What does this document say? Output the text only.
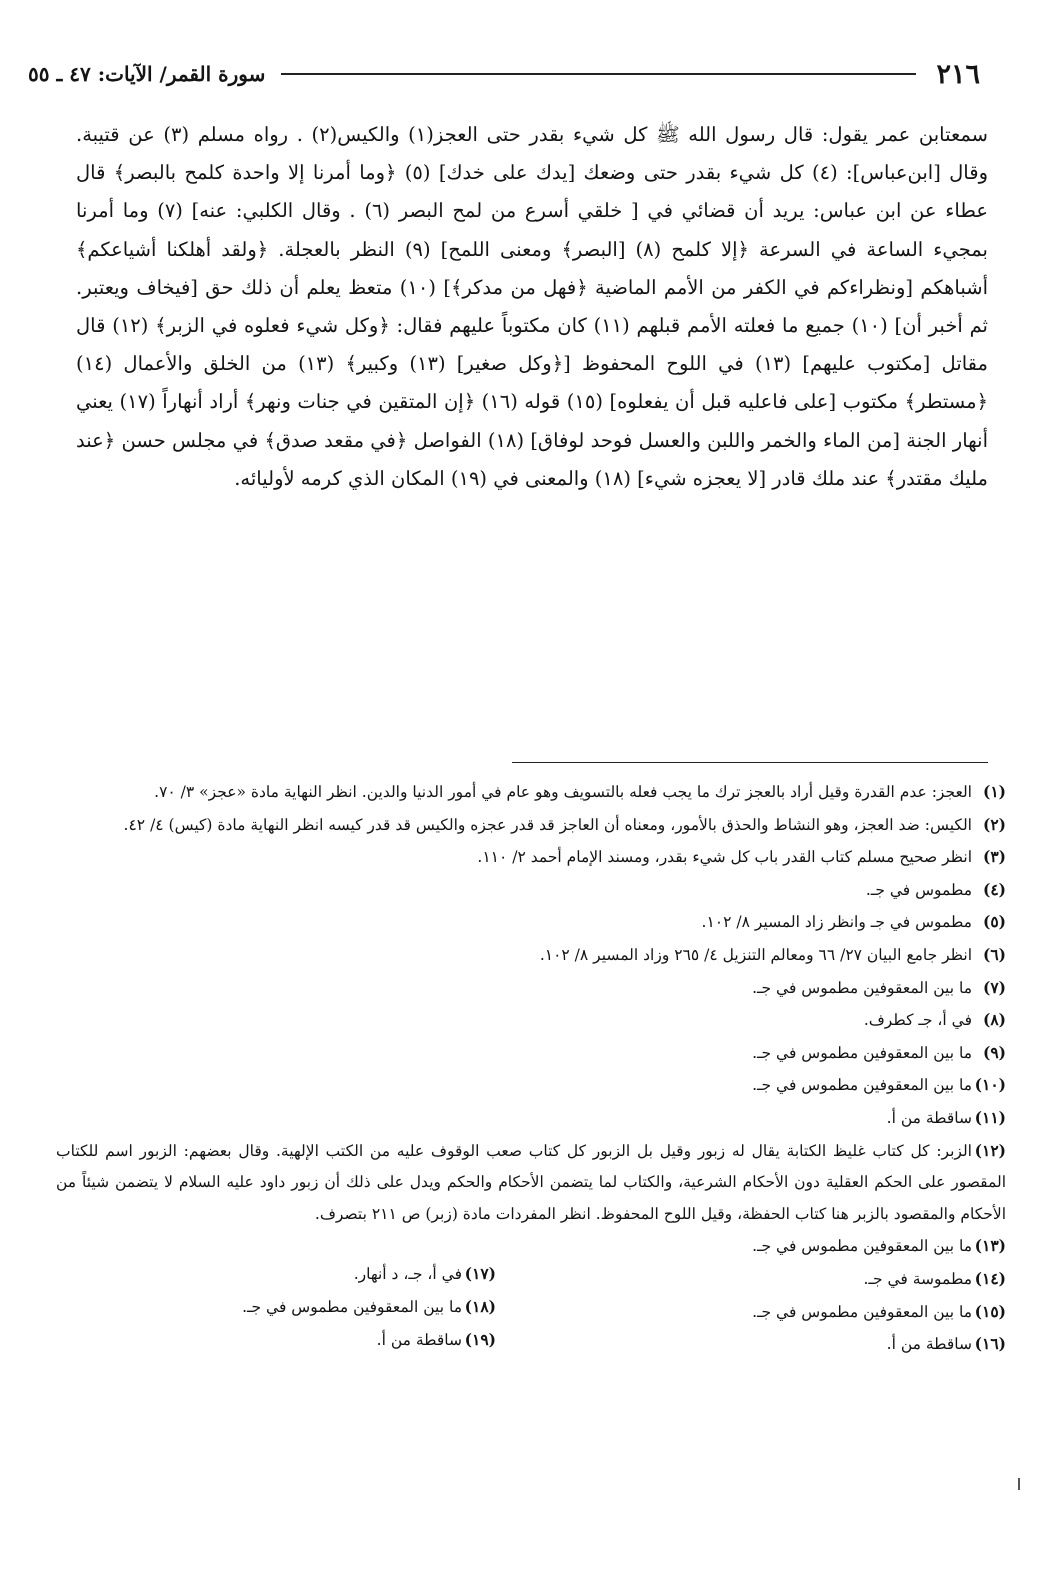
٢١٦
سورة القمر/ الآيات: ٤٧ ـ ٥٥

سمعتابن عمر يقول: قال رسول الله ﷺ كل شيء بقدر حتى العجز(١) والكيس(٢) . رواه مسلم (٣) عن قتيبة. وقال [ابن‌عباس]: (٤) كل شيء بقدر حتى وضعك [يدك على خدك] (٥) ﴿وما أمرنا إلا واحدة كلمح بالبصر﴾ قال عطاء عن ابن عباس: يريد أن قضائي في [ خلقي أسرع من لمح البصر (٦) . وقال الكلبي: عنه] (٧) وما أمرنا بمجيء الساعة في السرعة ﴿إلا كلمح (٨) [البصر﴾ ومعنى اللمح] (٩) النظر بالعجلة. ﴿ولقد أهلكنا أشياعكم﴾ أشباهكم [ونظراءكم في الكفر من الأمم الماضية ﴿فهل من مدكر﴾] (١٠) متعظ يعلم أن ذلك حق [فيخاف ويعتبر. ثم أخبر أن] (١٠) جميع ما فعلته الأمم قبلهم (١١) كان مكتوباً عليهم فقال: ﴿وكل شيء فعلوه في الزبر﴾ (١٢) قال مقاتل [مكتوب عليهم] (١٣) في اللوح المحفوظ [﴿وكل صغير] (١٣) وكبير﴾ (١٣) من الخلق والأعمال (١٤) ﴿مستطر﴾ مكتوب [على فاعليه قبل أن يفعلوه] (١٥) قوله (١٦) ﴿إن المتقين في جنات ونهر﴾ أراد أنهاراً (١٧) يعني أنهار الجنة [من الماء والخمر واللبن والعسل فوحد لوفاق] (١٨) الفواصل ﴿في مقعد صدق﴾ في مجلس حسن ﴿عند مليك مقتدر﴾ عند ملك قادر [لا يعجزه شيء] (١٨) والمعنى في (١٩) المكان الذي كرمه لأوليائه.

(١)العجز: عدم القدرة وقيل أراد بالعجز ترك ما يجب فعله بالتسويف وهو عام في أمور الدنيا والدين. انظر النهاية مادة «عجز» ٣/ ٧٠.

(٢)الكيس: ضد العجز، وهو النشاط والحذق بالأمور، ومعناه أن العاجز قد قدر عجزه والكيس قد قدر كيسه انظر النهاية مادة (كيس) ٤/ ٤٢.

(٣)انظر صحيح مسلم كتاب القدر باب كل شيء بقدر، ومسند الإمام أحمد ٢/ ١١٠.

(٤)مطموس في جـ.

(٥)مطموس في جـ وانظر زاد المسير ٨/ ١٠٢.

(٦)انظر جامع البيان ٢٧/ ٦٦ ومعالم التنزيل ٤/ ٢٦٥ وزاد المسير ٨/ ١٠٢.

(٧)ما بين المعقوفين مطموس في جـ.

(٨)في أ، جـ كطرف.

(٩)ما بين المعقوفين مطموس في جـ.

(١٠)ما بين المعقوفين مطموس في جـ.

(١١)ساقطة من أ.

(١٢)الزبر: كل كتاب غليظ الكتابة يقال له زبور وقيل بل الزبور كل كتاب صعب الوقوف عليه من الكتب الإلهية. وقال بعضهم: الزبور اسم للكتاب المقصور على الحكم العقلية دون الأحكام الشرعية، والكتاب لما يتضمن الأحكام والحكم ويدل على ذلك أن زبور داود عليه السلام لا يتضمن شيئاً من الأحكام والمقصود بالزبر هنا كتاب الحفظة، وقيل اللوح المحفوظ. انظر المفردات مادة (زبر) ص ٢١١ بتصرف.

(١٣)ما بين المعقوفين مطموس في جـ.

(١٤)مطموسة في جـ.

(١٥)ما بين المعقوفين مطموس في جـ.

(١٦)ساقطة من أ.

(١٧)في أ، جـ، د أنهار.

(١٨)ما بين المعقوفين مطموس في جـ.

(١٩)ساقطة من أ.
